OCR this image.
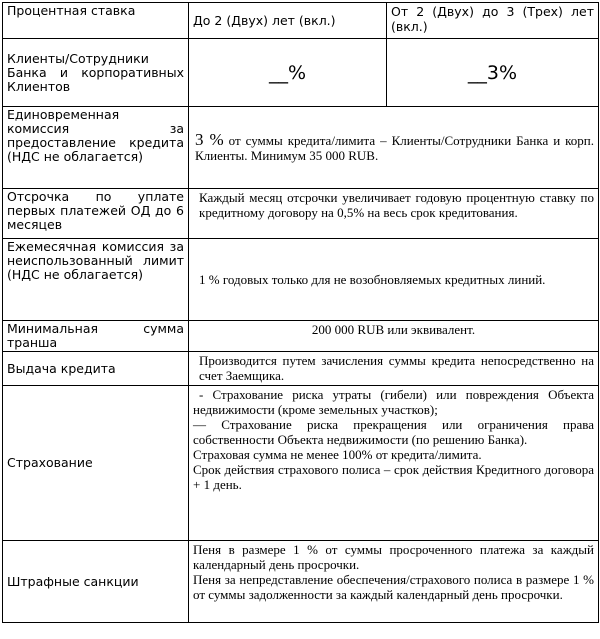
Процентная ставка	До 2 (Двух) лет (вкл.)	От 2 (Двух) до 3 (Трех) лет (вкл.)
Клиенты/Сотрудники Банка и корпоративных Клиентов	__%	__3%
Единовременная комиссия за предоставление кредита (НДС не облагается)	3 % от суммы кредита/лимита – Клиенты/Сотрудники Банка и корп. Клиенты. Минимум 35 000 RUB.	
Отсрочка по уплате первых платежей ОД до 6 месяцев	Каждый месяц отсрочки увеличивает годовую процентную ставку по кредитному договору на 0,5% на весь срок кредитования.	
Ежемесячная комиссия за неиспользованный лимит (НДС не облагается)	1 % годовых только для не возобновляемых кредитных линий.	
Минимальная сумма транша	200 000 RUB или эквивалент.	
Выдача кредита	Производится путем зачисления суммы кредита непосредственно на счет Заемщика.	
Страхование	- Страхование риска утраты (гибели) или повреждения Объекта недвижимости (кроме земельных участков);
— Страхование риска прекращения или ограничения права собственности Объекта недвижимости (по решению Банка).
Страховая сумма не менее 100% от кредита/лимита.
Срок действия страхового полиса – срок действия Кредитного договора + 1 день.	

Штрафные санкции	Пеня в размере 1 % от суммы просроченного платежа за каждый календарный день просрочки.
Пеня за непредставление обеспечения/страхового полиса в размере 1 % от суммы задолженности за каждый календарный день просрочки.	
